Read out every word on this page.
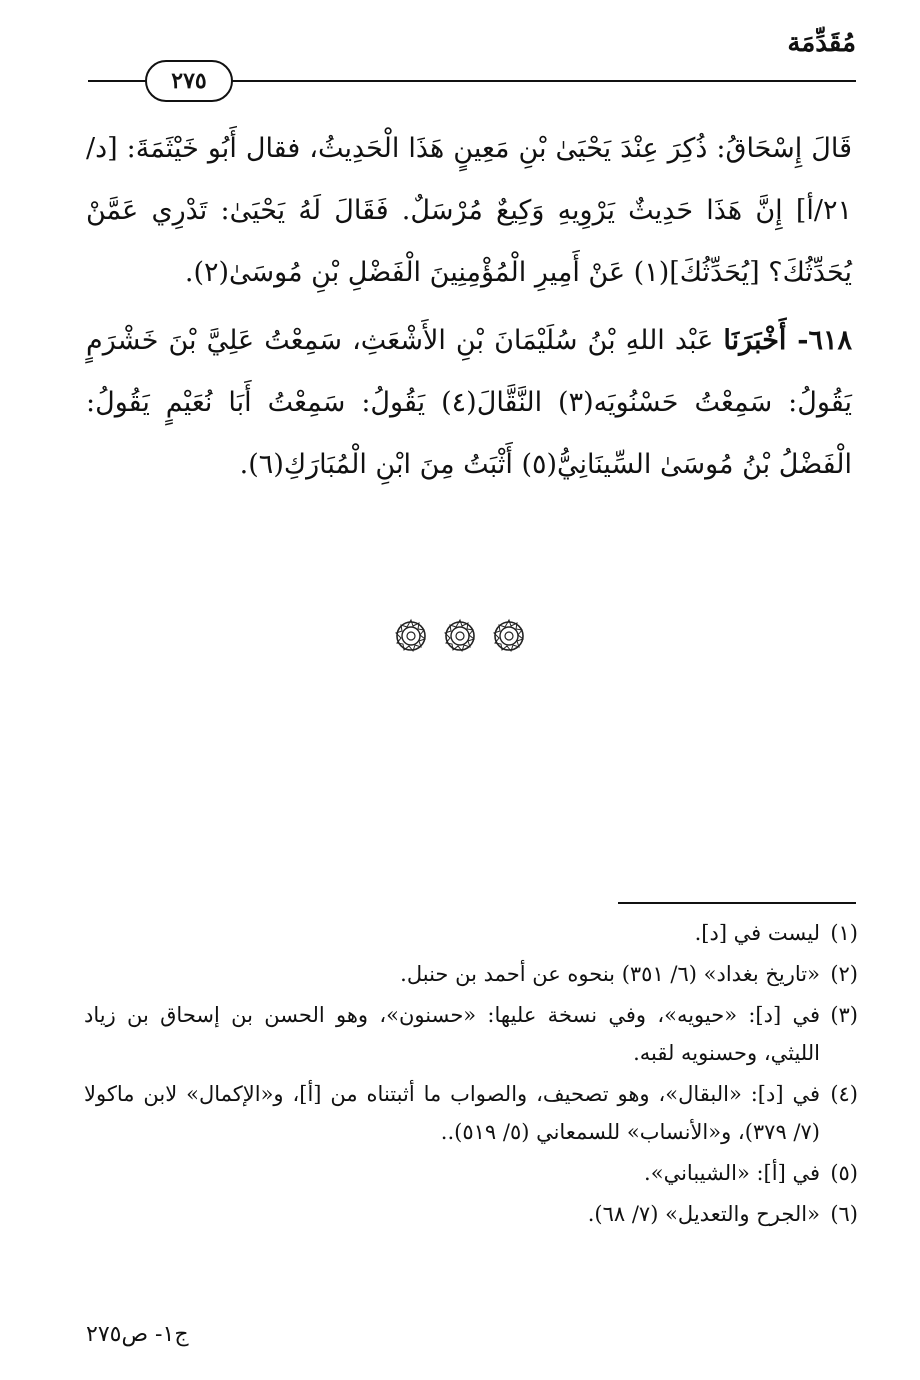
مُقَدِّمَة
٢٧٥

قَالَ إِسْحَاقُ: ذُكِرَ عِنْدَ يَحْيَىٰ بْنِ مَعِينٍ هَذَا الْحَدِيثُ، فقال أَبُو خَيْثَمَةَ: [د/ ٢١/أ] إِنَّ هَذَا حَدِيثٌ يَرْوِيهِ وَكِيعٌ مُرْسَلٌ. فَقَالَ لَهُ يَحْيَىٰ: تَدْرِي عَمَّنْ يُحَدِّثُكَ؟ [يُحَدِّثُكَ](١) عَنْ أَمِيرِ الْمُؤْمِنِينَ الْفَضْلِ بْنِ مُوسَىٰ(٢).

٦١٨- أَخْبَرَنَا عَبْد اللهِ بْنُ سُلَيْمَانَ بْنِ الأَشْعَثِ، سَمِعْتُ عَلِيَّ بْنَ خَشْرَمٍ يَقُولُ: سَمِعْتُ حَسْنُويَه(٣) النَّقَّالَ(٤) يَقُولُ: سَمِعْتُ أَبَا نُعَيْمٍ يَقُولُ: الْفَضْلُ بْنُ مُوسَىٰ السِّينَانِيُّ(٥) أَثْبَتُ مِنَ ابْنِ الْمُبَارَكِ(٦).

(١)
ليست في [د].
(٢)
«تاريخ بغداد» (٦/ ٣٥١) بنحوه عن أحمد بن حنبل.
(٣)
في [د]: «حيويه»، وفي نسخة عليها: «حسنون»، وهو الحسن بن إسحاق بن زياد الليثي، وحسنويه لقبه.
(٤)
في [د]: «البقال»، وهو تصحيف، والصواب ما أثبتناه من [أ]، و«الإكمال» لابن ماكولا (٧/ ٣٧٩)، و«الأنساب» للسمعاني (٥/ ٥١٩)..
(٥)
في [أ]: «الشيباني».
(٦)
«الجرح والتعديل» (٧/ ٦٨).
ج١- ص٢٧٥
